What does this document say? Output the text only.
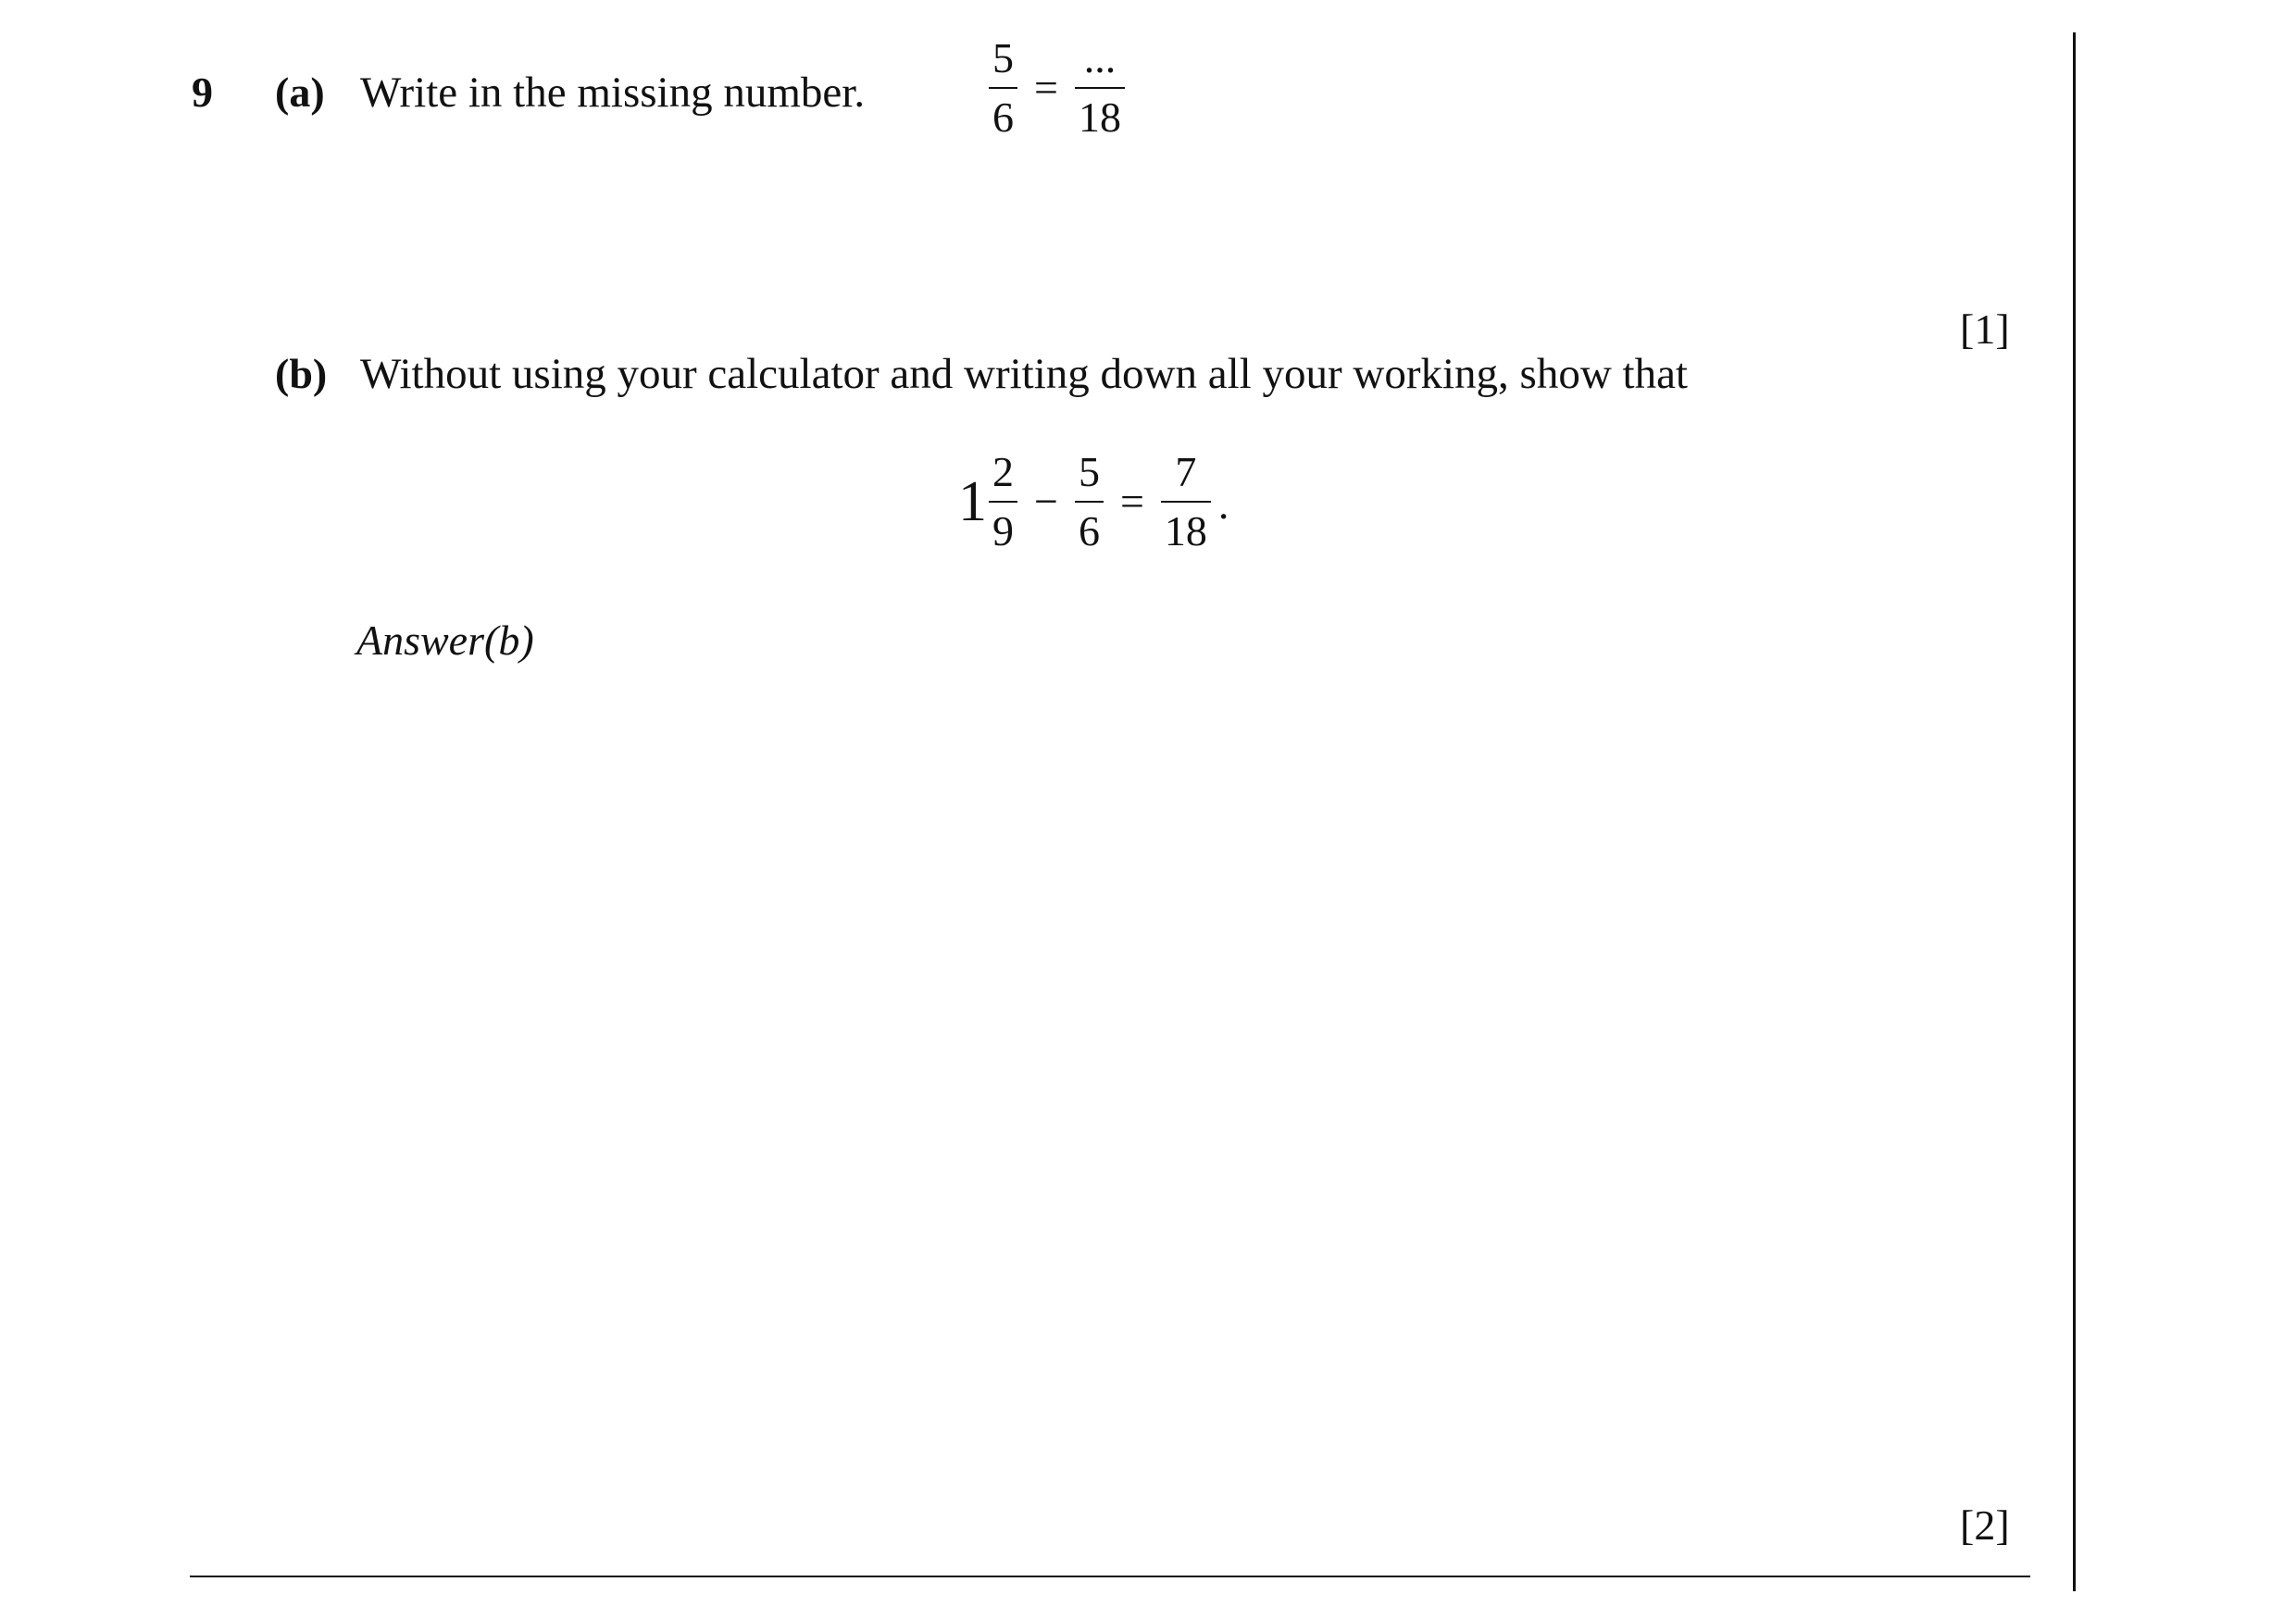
9 (a) Write in the missing number.	$\frac{5}{6} = \frac{...}{18}$
[1]
(b) Without using your calculator and writing down all your working, show that
$1 \frac{2}{9} - \frac{5}{6} = \frac{7}{18}$ .
Answer(b)
[2]
